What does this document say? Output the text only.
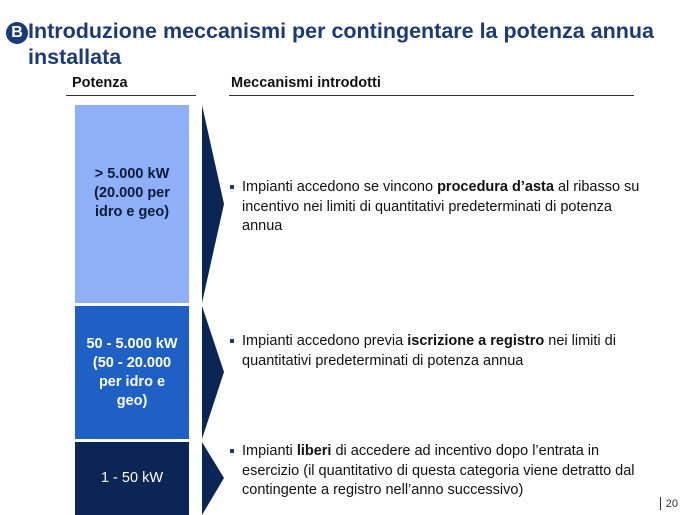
B Introduzione meccanismi per contingentare la potenza annua installata
Potenza	Meccanismi introdotti
> 5.000 kW
(20.000 per
idro e geo)
50 - 5.000 kW
(50 - 20.000
per idro e
geo)
1 - 50 kW
Impianti accedono se vincono procedura d’asta al ribasso su incentivo nei limiti di quantitativi predeterminati di potenza annua
Impianti accedono previa iscrizione a registro nei limiti di quantitativi predeterminati di potenza annua
Impianti liberi di accedere ad incentivo dopo l’entrata in esercizio (il quantitativo di questa categoria viene detratto dal contingente a registro nell’anno successivo)
20
